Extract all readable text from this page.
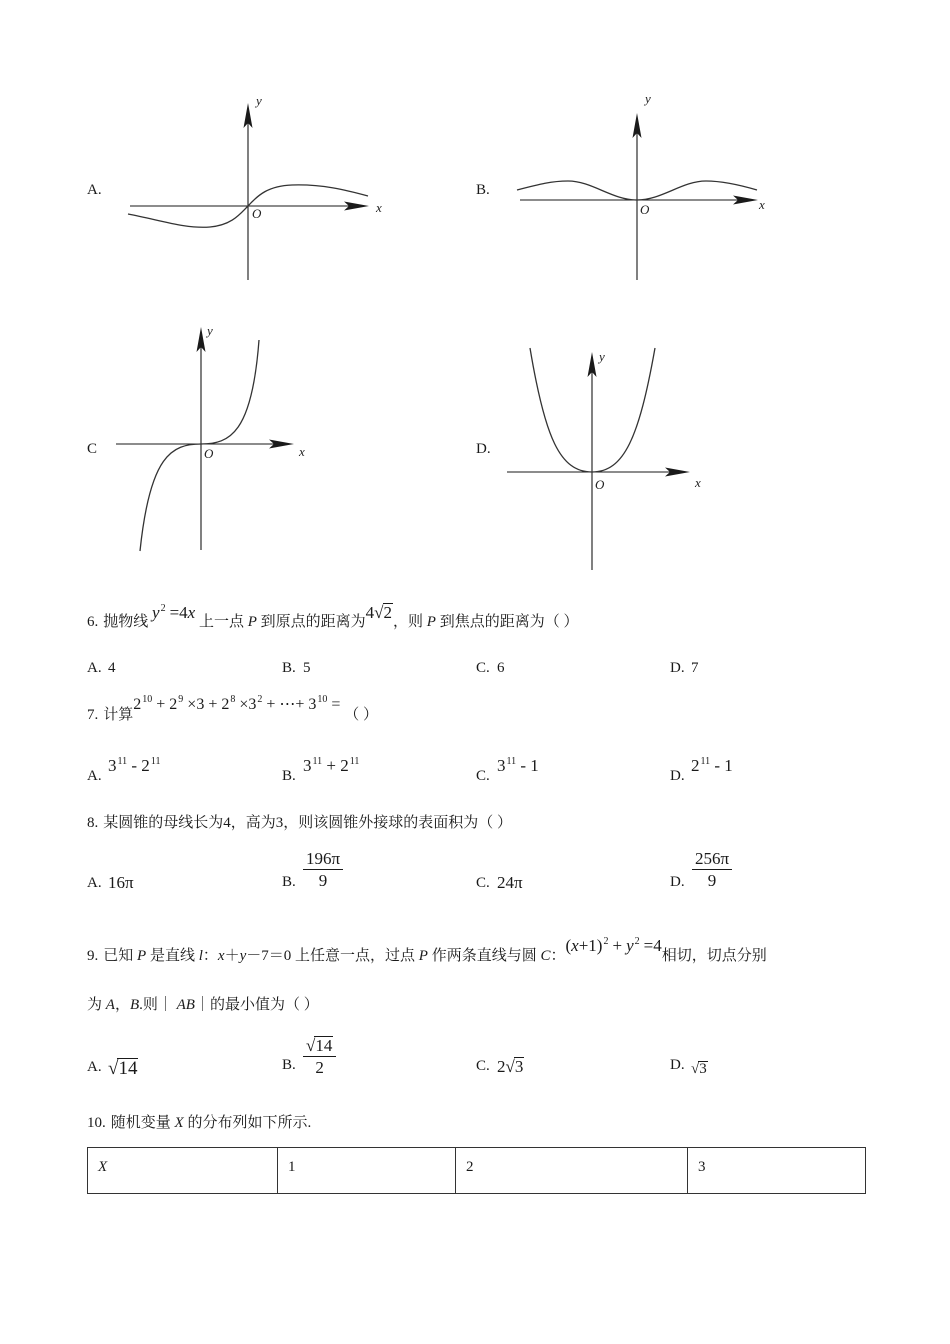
A.	B.
C	D.
y
x
O
y
x
O
y
x
O
y
x
O
6. 抛物线 $y^2 =4x$ 上一点 P 到原点的距离为4√2，则 P 到焦点的距离为（ ）
A. 4	B. 5	C. 6	D. 7
7. 计算$2^{10} + 2^9 \times 3 + 2^8 \times 3^2$ + ⋯+ $3^{10}$ = （ ）
$A.3^{11} - 2^{11}$
$B.3^{11} + 2^{11}$
$C.3^{11} - 1$
$D.2^{11} - 1$
8. 某圆锥的母线长为4，高为3，则该圆锥外接球的表面积为（ ）
A. 16π	B. $\frac{196\pi}{9}$	C. 24π	D. $\frac{256\pi}{9}$
9. 已知 P 是直线 l：x＋y－7＝0 上任意一点，过点 P 作两条直线与圆 C：$(x+1)^2 + y^2 =4$相切，切点分别
为 A，B.则｜ AB｜的最小值为（ ）
A. √14	B. $\frac{√14}{2}$	C. 2√3	D. √3
10. 随机变量 X 的分布列如下所示.
X	1	2	3
